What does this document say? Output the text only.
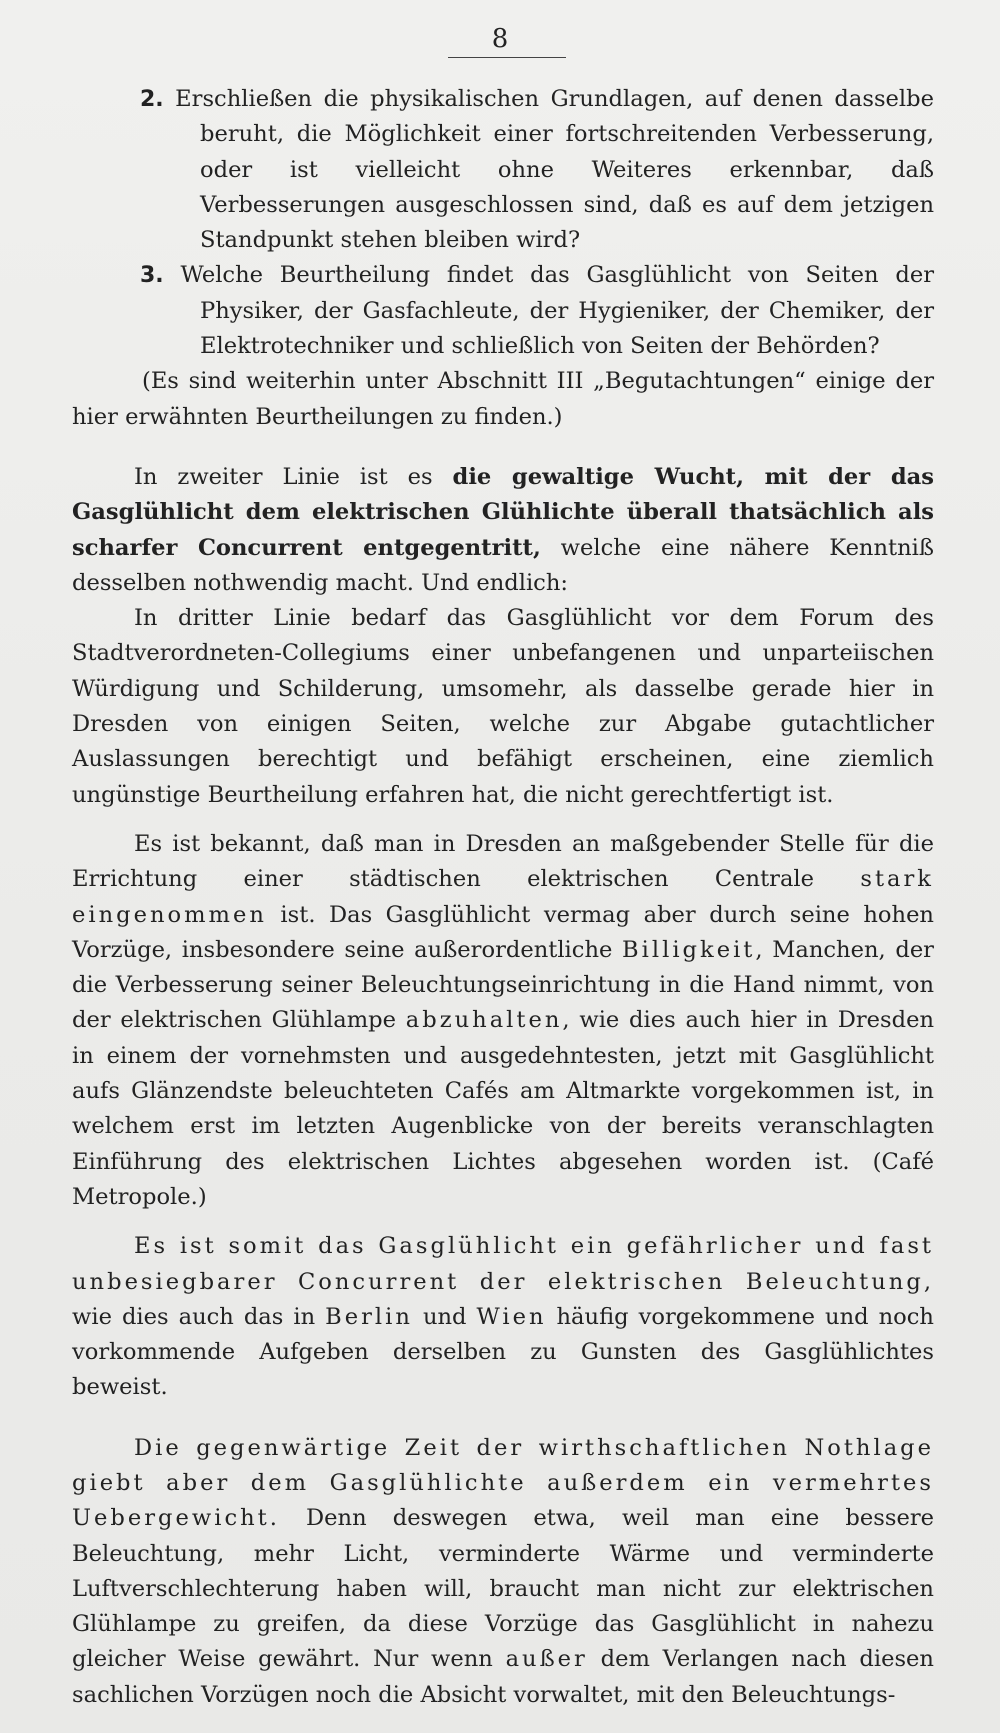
8

2. Erschließen die physikalischen Grundlagen, auf denen dasselbe beruht, die Möglichkeit einer fortschreitenden Verbesserung, oder ist vielleicht ohne Weiteres erkennbar, daß Verbesserungen ausgeschlossen sind, daß es auf dem jetzigen Standpunkt stehen bleiben wird?

3. Welche Beurtheilung findet das Gasglühlicht von Seiten der Physiker, der Gasfachleute, der Hygieniker, der Chemiker, der Elektrotechniker und schließlich von Seiten der Behörden?

(Es sind weiterhin unter Abschnitt III „Begutachtungen“ einige der hier erwähnten Beurtheilungen zu finden.)

In zweiter Linie ist es die gewaltige Wucht, mit der das Gasglühlicht dem elektrischen Glühlichte überall thatsächlich als scharfer Concurrent entgegentritt, welche eine nähere Kenntniß desselben nothwendig macht. Und endlich:

In dritter Linie bedarf das Gasglühlicht vor dem Forum des Stadtverordneten-Collegiums einer unbefangenen und unparteiischen Würdigung und Schilderung, umsomehr, als dasselbe gerade hier in Dresden von einigen Seiten, welche zur Abgabe gutachtlicher Auslassungen berechtigt und befähigt erscheinen, eine ziemlich ungünstige Beurtheilung erfahren hat, die nicht gerechtfertigt ist.

Es ist bekannt, daß man in Dresden an maßgebender Stelle für die Errichtung einer städtischen elektrischen Centrale stark eingenommen ist. Das Gasglühlicht vermag aber durch seine hohen Vorzüge, insbesondere seine außerordentliche Billigkeit, Manchen, der die Verbesserung seiner Beleuchtungseinrichtung in die Hand nimmt, von der elektrischen Glühlampe abzuhalten, wie dies auch hier in Dresden in einem der vornehmsten und ausgedehntesten, jetzt mit Gasglühlicht aufs Glänzendste beleuchteten Cafés am Altmarkte vorgekommen ist, in welchem erst im letzten Augenblicke von der bereits veranschlagten Einführung des elektrischen Lichtes abgesehen worden ist. (Café Metropole.)

Es ist somit das Gasglühlicht ein gefährlicher und fast unbesiegbarer Concurrent der elektrischen Beleuchtung, wie dies auch das in Berlin und Wien häufig vorgekommene und noch vorkommende Aufgeben derselben zu Gunsten des Gasglühlichtes beweist.

Die gegenwärtige Zeit der wirthschaftlichen Nothlage giebt aber dem Gasglühlichte außerdem ein vermehrtes Uebergewicht. Denn deswegen etwa, weil man eine bessere Beleuchtung, mehr Licht, verminderte Wärme und verminderte Luftverschlechterung haben will, braucht man nicht zur elektrischen Glühlampe zu greifen, da diese Vorzüge das Gasglühlicht in nahezu gleicher Weise gewährt. Nur wenn außer dem Verlangen nach diesen sachlichen Vorzügen noch die Absicht vorwaltet, mit den Beleuchtungs-
